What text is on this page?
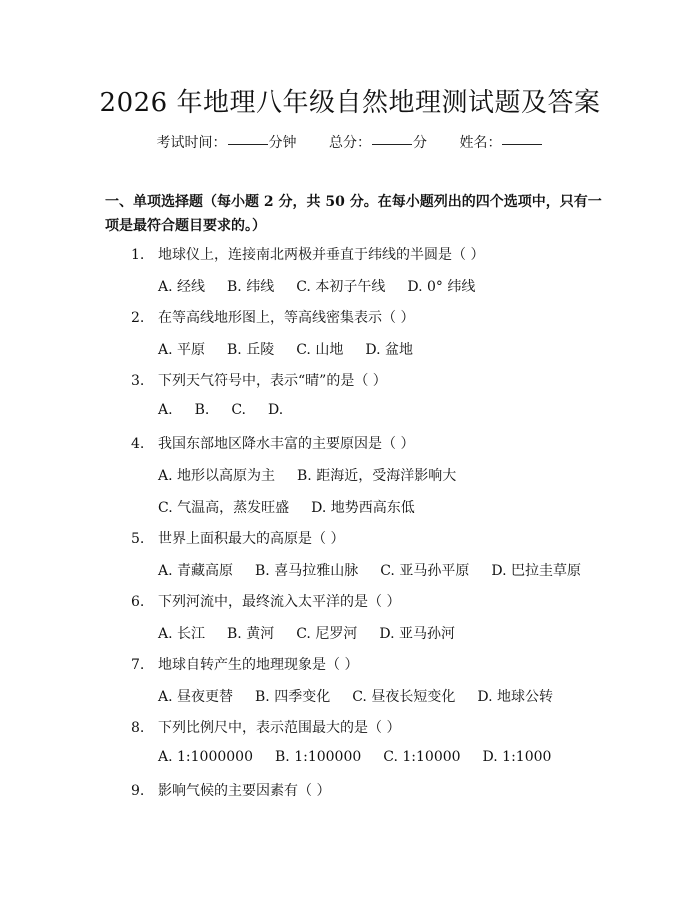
2026 年地理八年级自然地理测试题及答案
考试时间：	分钟 总分：	分 姓名：
一、单项选择题（每小题 2 分，共 50 分。在每小题列出的四个选项中，只有一项是最符合题目要求的。）
1. 地球仪上，连接南北两极并垂直于纬线的半圆是（ ）
A. 经线 B. 纬线 C. 本初子午线 D. 0° 纬线
2. 在等高线地形图上，等高线密集表示（ ）
A. 平原 B. 丘陵 C. 山地 D. 盆地
3. 下列天气符号中，表示“晴”的是（ ）
A. B. C. D.
4. 我国东部地区降水丰富的主要原因是（ ）
A. 地形以高原为主 B. 距海近，受海洋影响大
C. 气温高，蒸发旺盛 D. 地势西高东低
5. 世界上面积最大的高原是（ ）
A. 青藏高原 B. 喜马拉雅山脉 C. 亚马孙平原 D. 巴拉圭草原
6. 下列河流中，最终流入太平洋的是（ ）
A. 长江 B. 黄河 C. 尼罗河 D. 亚马孙河
7. 地球自转产生的地理现象是（ ）
A. 昼夜更替 B. 四季变化 C. 昼夜长短变化 D. 地球公转
8. 下列比例尺中，表示范围最大的是（ ）
A. 1:1000000 B. 1:100000 C. 1:10000 D. 1:1000
9. 影响气候的主要因素有（ ）
